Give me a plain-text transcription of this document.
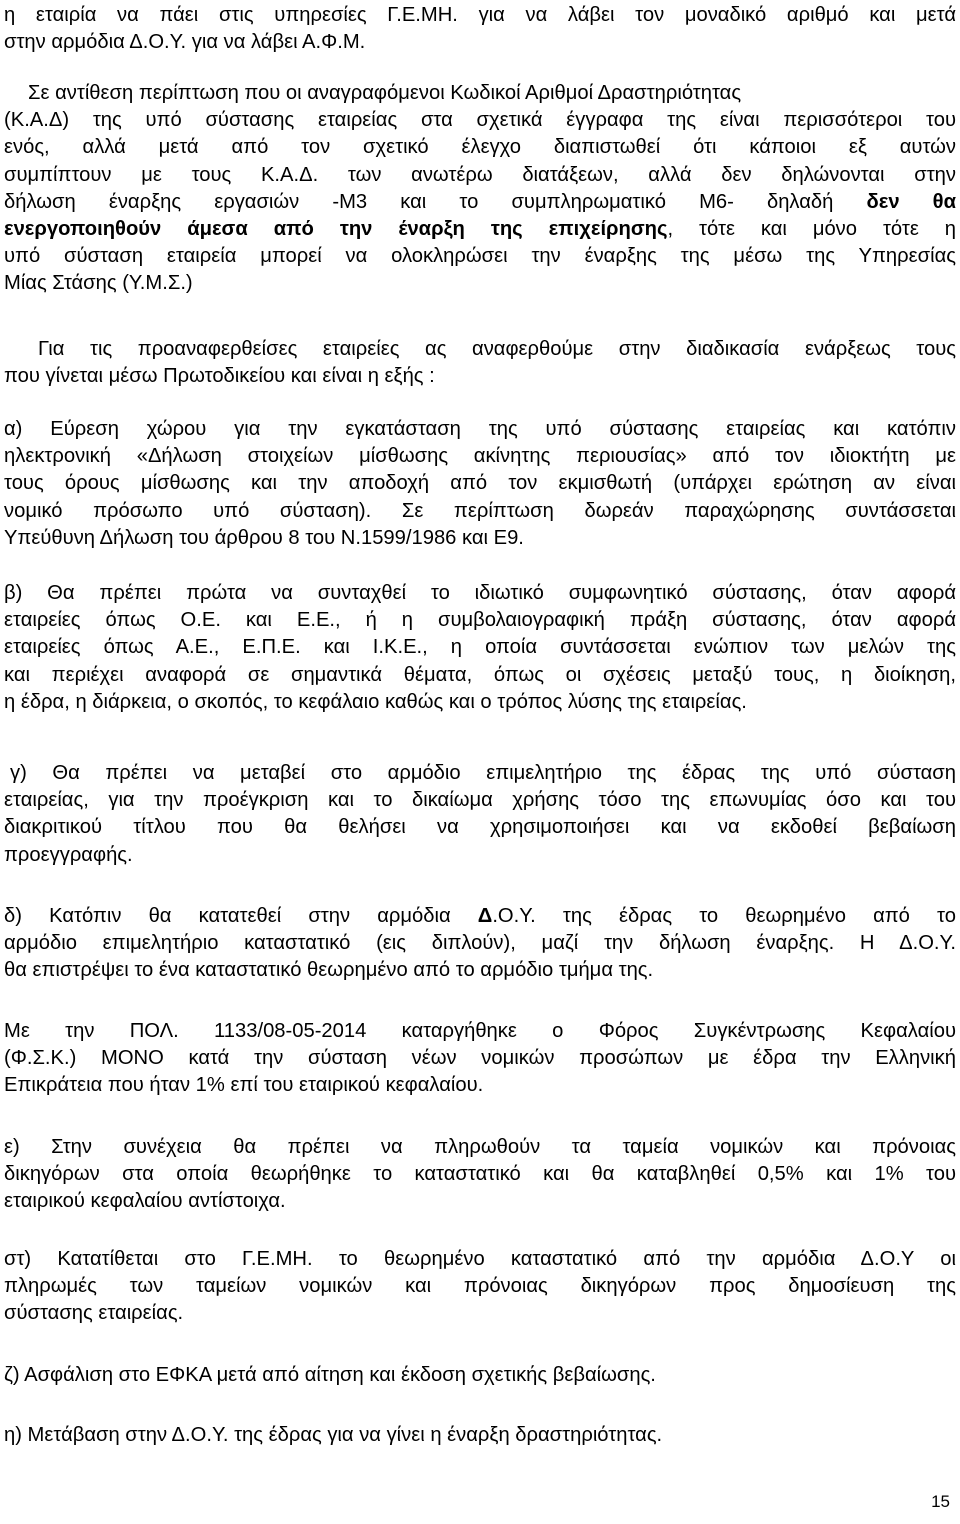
η εταιρία να πάει στις υπηρεσίες Γ.Ε.ΜΗ. για να λάβει τον μοναδικό αριθμό και μετά
στην αρμόδια Δ.Ο.Υ. για να λάβει Α.Φ.Μ.
Σε αντίθεση περίπτωση που οι αναγραφόμενοι Κωδικοί Αριθμοί Δραστηριότητας
(Κ.Α.Δ) της υπό σύστασης εταιρείας στα σχετικά έγγραφα της είναι περισσότεροι του
ενός, αλλά μετά από τον σχετικό έλεγχο διαπιστωθεί ότι κάποιοι εξ αυτών
συμπίπτουν με τους Κ.Α.Δ. των ανωτέρω διατάξεων, αλλά δεν δηλώνονται στην
δήλωση έναρξης εργασιών -Μ3 και το συμπληρωματικό Μ6- δηλαδή δεν θα
ενεργοποιηθούν άμεσα από την έναρξη της επιχείρησης, τότε και μόνο τότε η
υπό σύσταση εταιρεία μπορεί να ολοκληρώσει την έναρξης της μέσω της Υπηρεσίας
Μίας Στάσης (Υ.Μ.Σ.)
Για τις προαναφερθείσες εταιρείες ας αναφερθούμε στην διαδικασία ενάρξεως τους
που γίνεται μέσω Πρωτοδικείου και είναι η εξής :
α) Εύρεση χώρου για την εγκατάσταση της υπό σύστασης εταιρείας και κατόπιν
ηλεκτρονική «Δήλωση στοιχείων μίσθωσης ακίνητης περιουσίας» από τον ιδιοκτήτη με
τους όρους μίσθωσης και την αποδοχή από τον εκμισθωτή (υπάρχει ερώτηση αν είναι
νομικό πρόσωπο υπό σύσταση). Σε περίπτωση δωρεάν παραχώρησης συντάσσεται
Υπεύθυνη Δήλωση του άρθρου 8 του Ν.1599/1986 και Ε9.
β) Θα πρέπει πρώτα να συνταχθεί το ιδιωτικό συμφωνητικό σύστασης, όταν αφορά
εταιρείες όπως Ο.Ε. και Ε.Ε., ή η συμβολαιογραφική πράξη σύστασης, όταν αφορά
εταιρείες όπως Α.Ε., Ε.Π.Ε. και Ι.Κ.Ε., η οποία συντάσσεται ενώπιον των μελών της
και περιέχει αναφορά σε σημαντικά θέματα, όπως οι σχέσεις μεταξύ τους, η διοίκηση,
η έδρα, η διάρκεια, ο σκοπός, το κεφάλαιο καθώς και ο τρόπος λύσης της εταιρείας.
γ) Θα πρέπει να μεταβεί στο αρμόδιο επιμελητήριο της έδρας της υπό σύσταση
εταιρείας, για την προέγκριση και το δικαίωμα χρήσης τόσο της επωνυμίας όσο και του
διακριτικού τίτλου που θα θελήσει να χρησιμοποιήσει και να εκδοθεί βεβαίωση
προεγγραφής.
δ) Κατόπιν θα κατατεθεί στην αρμόδια Δ.Ο.Υ. της έδρας το θεωρημένο από το
αρμόδιο επιμελητήριο καταστατικό (εις διπλούν), μαζί την δήλωση έναρξης. Η Δ.Ο.Υ.
θα επιστρέψει το ένα καταστατικό θεωρημένο από το αρμόδιο τμήμα της.
Με την ΠΟΛ. 1133/08-05-2014 καταργήθηκε ο Φόρος Συγκέντρωσης Κεφαλαίου
(Φ.Σ.Κ.) ΜΟΝΟ κατά την σύσταση νέων νομικών προσώπων με έδρα την Ελληνική
Επικράτεια που ήταν 1% επί του εταιρικού κεφαλαίου.
ε) Στην συνέχεια θα πρέπει να πληρωθούν τα ταμεία νομικών και πρόνοιας
δικηγόρων στα οποία θεωρήθηκε το καταστατικό και θα καταβληθεί 0,5% και 1% του
εταιρικού κεφαλαίου αντίστοιχα.
στ) Κατατίθεται στο Γ.Ε.ΜΗ. το θεωρημένο καταστατικό από την αρμόδια Δ.Ο.Υ οι
πληρωμές των ταμείων νομικών και πρόνοιας δικηγόρων προς δημοσίευση της
σύστασης εταιρείας.
ζ) Ασφάλιση στο ΕΦΚΑ μετά από αίτηση και έκδοση σχετικής βεβαίωσης.
η) Μετάβαση στην Δ.Ο.Υ. της έδρας για να γίνει η έναρξη δραστηριότητας.
15
